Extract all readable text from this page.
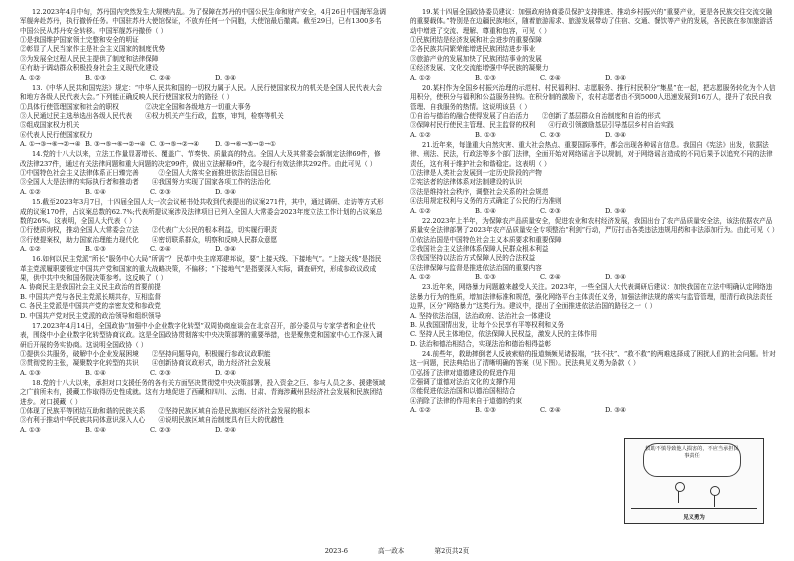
12.2023年4月中旬，苏丹国内突然发生大规模内乱。为了保障在苏丹的中国公民生命和财产安全，4月26日中国海军急调军舰奔赴苏丹，执行撤侨任务。中国驻苏丹大使馆保证，不放弃任何一个同胞，大使馆最后撤离。截至29日，已有1300多名中国公民从苏丹安全转移。中国军舰苏丹撤侨（ ）
①是我国维护国家领土完整和安全的明证
②彰显了人民当家作主是社会主义国家的制度优势
③为发展全过程人民民主提供了制度和法律保障
④有助于调动群众积极投身社会主义现代化建设
A. ①②	B. ①③	C. ②④	D. ③④
13.《中华人民共和国宪法》规定：“中华人民共和国的一切权力属于人民。人民行使国家权力的机关是全国人民代表大会和地方各级人民代表大会。”下列能正确反映人民行使国家权力的路径（ ）
①具体行使管理国家和社会的职权　　　　②决定全国和各级地方一切重大事务
③人民通过民主选举选出各级人民代表　　④权力机关产生行政，监察，审判，检察等机关
⑤组成国家权力机关
⑥代表人民行使国家权力
A. ①→③→⑥→②→④ B. ③→⑤→⑥→②→④ C. ③→⑤→②→④	D. ③→⑥→⑤→②→①
14.党的十八大以来，立法工作量显著增长、覆盖广、节奏快、质量高的特点。全国人大及其常委会新制定法律69件，修改法律237件，通过有关法律问题和重大问题的决定99件，做出立法解释9件，迄今现行有效法律共292件。由此可见（ ）
①中国特色社会主义法律体系正日臻完善　　　②全国人大落实全面推进依法治国总目标
③全国人大是法律的实际执行者和推动者　　④我国努力实现了国家各项工作的法治化
A. ①②	B. ①④	C. ②③	D. ③④
15.截至2023年3月7日，十四届全国人大一次会议秘书处共收到代表提出的议案271件，其中，通过调研、走访等方式形成的议案170件，占议案总数的62.7%;代表所提议案涉及法律项目已列入全国人大常委会2023年度立法工作计划的占议案总数的26%。这表明，全国人大代表（ ）
①行使质询权，推动全国人大常委会立法　　②代表广大公民的根本利益，切实履行职责
③行使提案权，助力国家治理能力现代化　　④密切联系群众，明察和反映人民群众意愿
A. ①②	B. ①③	C. ②④	D. ③④
16.如何以民主党派“所长”服务中心大局“所需”？ 民革中央主席郑建邦说，要“上接天线、下接地气”。“上接天线”是指民革主党派履职要锁定中国共产党和国家的重大战略决策，不偏移；“下接地气”是指要深入实际，调查研究，形成参政议政成果，供中共中央和国务院决策参考。这反映了（ ）
A. 协商民主是我国社会主义民主政治的首要前提
B. 中国共产党与各民主党派长期共存，互相监督
C. 各民主党派是中国共产党的亲密友党和参政党
D. 中国共产党对民主党派的政治领导和组织领导
17.2023年4月14日，全国政协“加强中小企业数字化转型”双周协商座谈会在北京召开，部分委员与专家学者和企业代表，围绕中小企业数字化转型协商议政。这是全国政协贯彻落实中央决策部署的重要举措，也是聚焦党和国家中心工作深入调研后开展的务实协商。这说明全国政协（ ）
①提供公共服务，破解中小企业发展困境　　②坚持问题导向，积极履行参政议政职能
③贯彻党的主张，凝聚数字化转型的共识　　④创新协商议政形式，助力经济社会发展
A. ①③	B. ①④	C. ②③	D. ②④
18.党的十八大以来，承担对口支援任务的各有关方面坚决贯彻党中央决策部署，投入资金之巨、参与人员之多、援建领域之广前所未有，援藏工作取得历史性成就。这有力地促进了西藏和四川、云南、甘肃、青海涉藏州县经济社会发展和民族团结进步。对口援藏（ ）
①体现了民族平等团结互助和谐的民族关系　　②坚持民族区域自治是民族地区经济社会发展的根本
③有利于推动中华民族共同体意识深入人心　　④说明民族区域自治制度具有巨大的优越性
A. ①③	B. ①④	C. ②③	D. ②④
19.某十四届全国政协委员建议：加强政府协商委员保护支持推进、推动乡村振兴的“重要产业，更是各民族交往交流交融的重要载体。”特别是在边疆民族地区，随着旅游需求、旅游发展带动了住宿、交通、餐饮等产业的发展，各民族在参加旅游活动中增进了交流、理解、尊重和包容，可见（ ）
①民族团结是经济发展和社会进步的重要保障
②各民族共同繁荣能增进民族团结进步事业
③旅游产业的发展加快了民族团结事业的发展
④经济发展、文化交流能增强中华民族的凝聚力
A. ①②	B. ①③	C. ②④	D. ③④
20.某村作为全国乡村振兴治理的示范村、村民福利村、志愿服务、推行村民积分“集星”在一起，把志愿服务转化为个人信用积分，使积分与福利和公益服务挂钩。在积分制的激励下，农村志愿者由不到5000人迅速发展到16万人，提升了农民自我管理、自我服务的热情。这说明该县（ ）
①自治与德治的融合使得发展了自治活力　　②创新了基层群众自治制度和自治的形式
③保障村民行使民主管理、民主监督的权利　　④行政引领激励基层引导基层乡村自治实践
A. ①②	B. ①③	C. ②③	D. ③④
21.近年来，每逢重大自然灾害、重大社会热点、重要国际事件，都会出现各种谣言信息。我国自《宪法》出发，依据法律、刑法、民法，行政法等多个部门法律，全面开始对网络谣言予以规制，对于网络谣言造成的不同后果予以追究不同的法律责任，这有利于维护社会和谐稳定。这表明（ ）
①法律是人类社会发展到一定历史阶段的产物
②宪法者的法律体系对法制建设的认识
③法是维持社会秩序，调整社会关系的社会规范
④法用规定权利与义务的方式确定了公民的行为准则
A. ①②	B. ①④	C. ②③	D. ③④
22.2023年上半年，为保障农产品质量安全，促进农业和农村经济发展，我国出台了农产品质量安全法，该法依据农产品质量安全法律部署了2023年农产品质量安全专项整治“利剑”行动，严厉打击各类违法违规用药和非法添加行为。由此可见（ ）
①依法治国是中国特色社会主义本质要求和重要保障
②我国社会主义法律体系保障人民群众根本利益
③我国坚持以法治方式保障人民的合法权益
④法律保障与监督是推进依法治国的重要内容
A. ①②	B. ①③	C. ②④	D. ③④
23.近年来，网络暴力问题越来越受人关注。2023年，一些全国人大代表调研后建议：加快我国在立法中明确认定网络违法暴力行为的性质，增加法律标准和规范，强化网络平台主体责任义务，加强法律法规的落实与监管管理，厘清行政执法责任边界，区分“网络暴力”这类行为。建议中，提出了全面推进依法治国的路径之一（ ）
A. 坚持依法治国，法治政府、法治社会一体建设
B. 从我国国情出发，让每个公民享有平等权利和义务
C. 坚持人民主体地位，依法保障人民权益，激发人民的主体作用
D. 法治和德治相结合，实现法治和德治相得益彰
24.前些年，救助摔倒老人反被索赔的报道频频见诸报端，“扶不扶”、“救不救”的两难选择成了困扰人们的社会问题。针对这一问题，民法典给出了清晰明确的答案（见下图）。民法典见义勇为条款（ ）
①弘扬了法律对道德建设的促进作用
②强调了道德对法治文化的支撑作用
③能促进依法治国和以德治国相结合
④消除了法律的作用来自于道德的约束
A. ①②	B. ①③	C. ②④	D. ③④
救助不慎导致他人损害的，不应当承担民事责任
见义勇为
2023-6	高一政本	第2页共2页
